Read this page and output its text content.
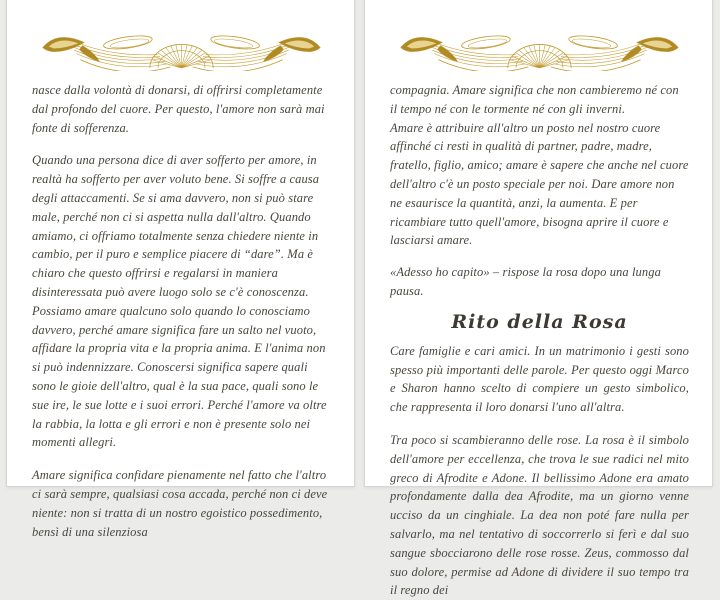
nasce dalla volontà di donarsi, di offrirsi completamente dal profondo del cuore. Per questo, l'amore non sarà mai fonte di sofferenza.

Quando una persona dice di aver sofferto per amore, in realtà ha sofferto per aver voluto bene. Si soffre a causa degli attaccamenti. Se si ama davvero, non si può stare male, perché non ci si aspetta nulla dall'altro. Quando amiamo, ci offriamo totalmente senza chiedere niente in cambio, per il puro e semplice piacere di “dare”. Ma è chiaro che questo offrirsi e regalarsi in maniera disinteressata può avere luogo solo se c'è conoscenza. Possiamo amare qualcuno solo quando lo conosciamo davvero, perché amare significa fare un salto nel vuoto, affidare la propria vita e la propria anima. E l'anima non si può indennizzare. Conoscersi significa sapere quali sono le gioie dell'altro, qual è la sua pace, quali sono le sue ire, le sue lotte e i suoi errori. Perché l'amore va oltre la rabbia, la lotta e gli errori e non è presente solo nei momenti allegri.

Amare significa confidare pienamente nel fatto che l'altro ci sarà sempre, qualsiasi cosa accada, perché non ci deve niente: non si tratta di un nostro egoistico possedimento, bensì di una silenziosa

compagnia. Amare significa che non cambieremo né con il tempo né con le tormente né con gli inverni.

Amare è attribuire all'altro un posto nel nostro cuore affinché ci resti in qualità di partner, padre, madre, fratello, figlio, amico; amare è sapere che anche nel cuore dell'altro c'è un posto speciale per noi. Dare amore non ne esaurisce la quantità, anzi, la aumenta. E per ricambiare tutto quell'amore, bisogna aprire il cuore e lasciarsi amare.

«Adesso ho capito» – rispose la rosa dopo una lunga pausa.

Rito della Rosa

Care famiglie e cari amici. In un matrimonio i gesti sono spesso più importanti delle parole. Per questo oggi Marco e Sharon hanno scelto di compiere un gesto simbolico, che rappresenta il loro donarsi l'uno all'altra.

Tra poco si scambieranno delle rose. La rosa è il simbolo dell'amore per eccellenza, che trova le sue radici nel mito greco di Afrodite e Adone. Il bellissimo Adone era amato profondamente dalla dea Afrodite, ma un giorno venne ucciso da un cinghiale. La dea non poté fare nulla per salvarlo, ma nel tentativo di soccorrerlo si ferì e dal suo sangue sbocciarono delle rose rosse. Zeus, commosso dal suo dolore, permise ad Adone di dividere il suo tempo tra il regno dei
